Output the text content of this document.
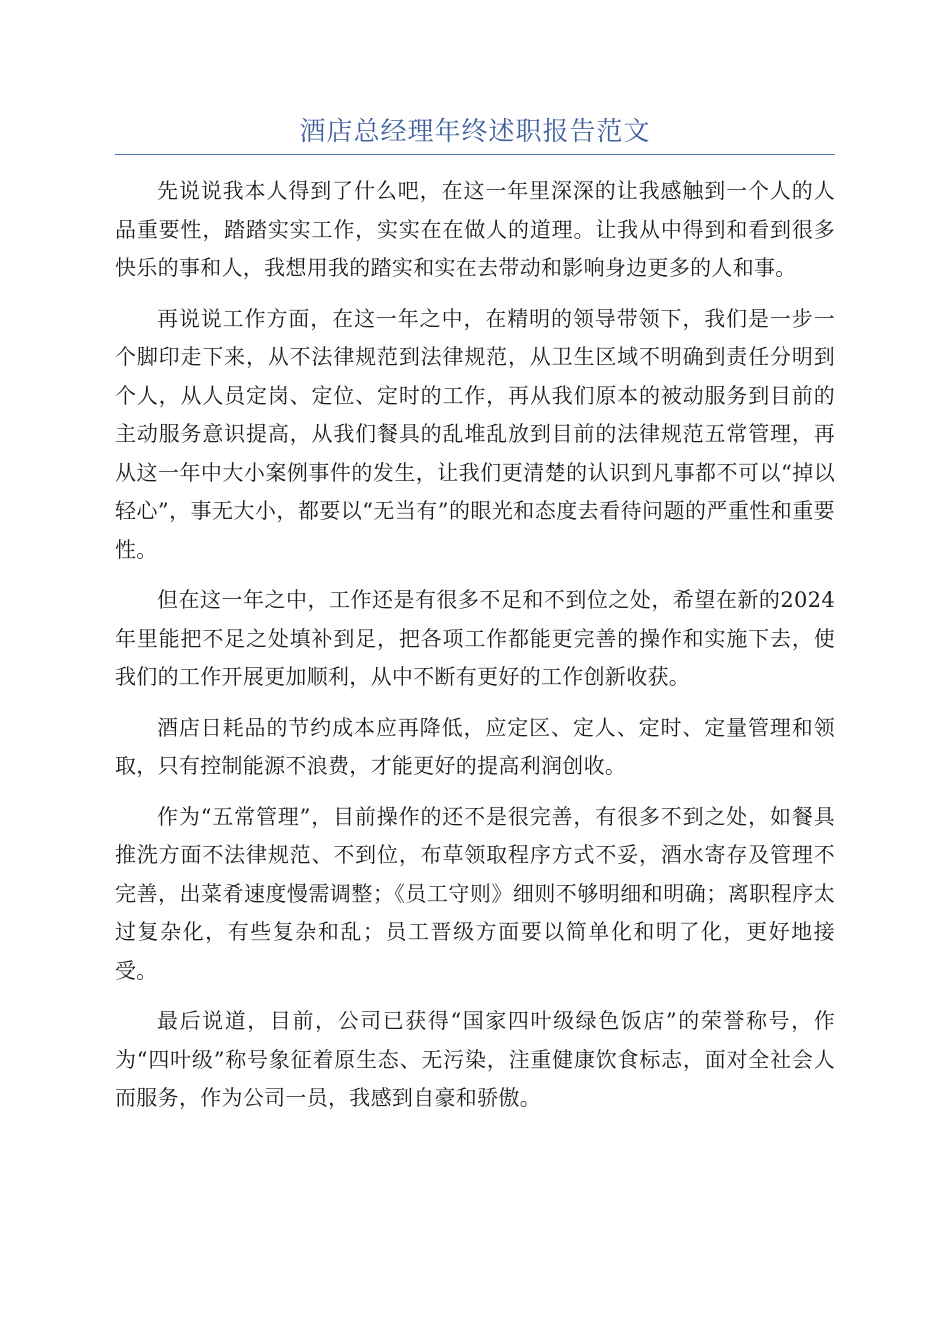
酒店总经理年终述职报告范文

先说说我本人得到了什么吧，在这一年里深深的让我感触到一个人的人品重要性，踏踏实实工作，实实在在做人的道理。让我从中得到和看到很多快乐的事和人，我想用我的踏实和实在去带动和影响身边更多的人和事。

再说说工作方面，在这一年之中，在精明的领导带领下，我们是一步一个脚印走下来，从不法律规范到法律规范，从卫生区域不明确到责任分明到个人，从人员定岗、定位、定时的工作，再从我们原本的被动服务到目前的主动服务意识提高，从我们餐具的乱堆乱放到目前的法律规范五常管理，再从这一年中大小案例事件的发生，让我们更清楚的认识到凡事都不可以“掉以轻心”，事无大小，都要以“无当有”的眼光和态度去看待问题的严重性和重要性。

但在这一年之中，工作还是有很多不足和不到位之处，希望在新的2024年里能把不足之处填补到足，把各项工作都能更完善的操作和实施下去，使我们的工作开展更加顺利，从中不断有更好的工作创新收获。

酒店日耗品的节约成本应再降低，应定区、定人、定时、定量管理和领取，只有控制能源不浪费，才能更好的提高利润创收。

作为“五常管理”，目前操作的还不是很完善，有很多不到之处，如餐具推洗方面不法律规范、不到位，布草领取程序方式不妥，酒水寄存及管理不完善，出菜肴速度慢需调整；《员工守则》细则不够明细和明确；离职程序太过复杂化，有些复杂和乱；员工晋级方面要以简单化和明了化，更好地接受。

最后说道，目前，公司已获得“国家四叶级绿色饭店”的荣誉称号，作为“四叶级”称号象征着原生态、无污染，注重健康饮食标志，面对全社会人而服务，作为公司一员，我感到自豪和骄傲。
